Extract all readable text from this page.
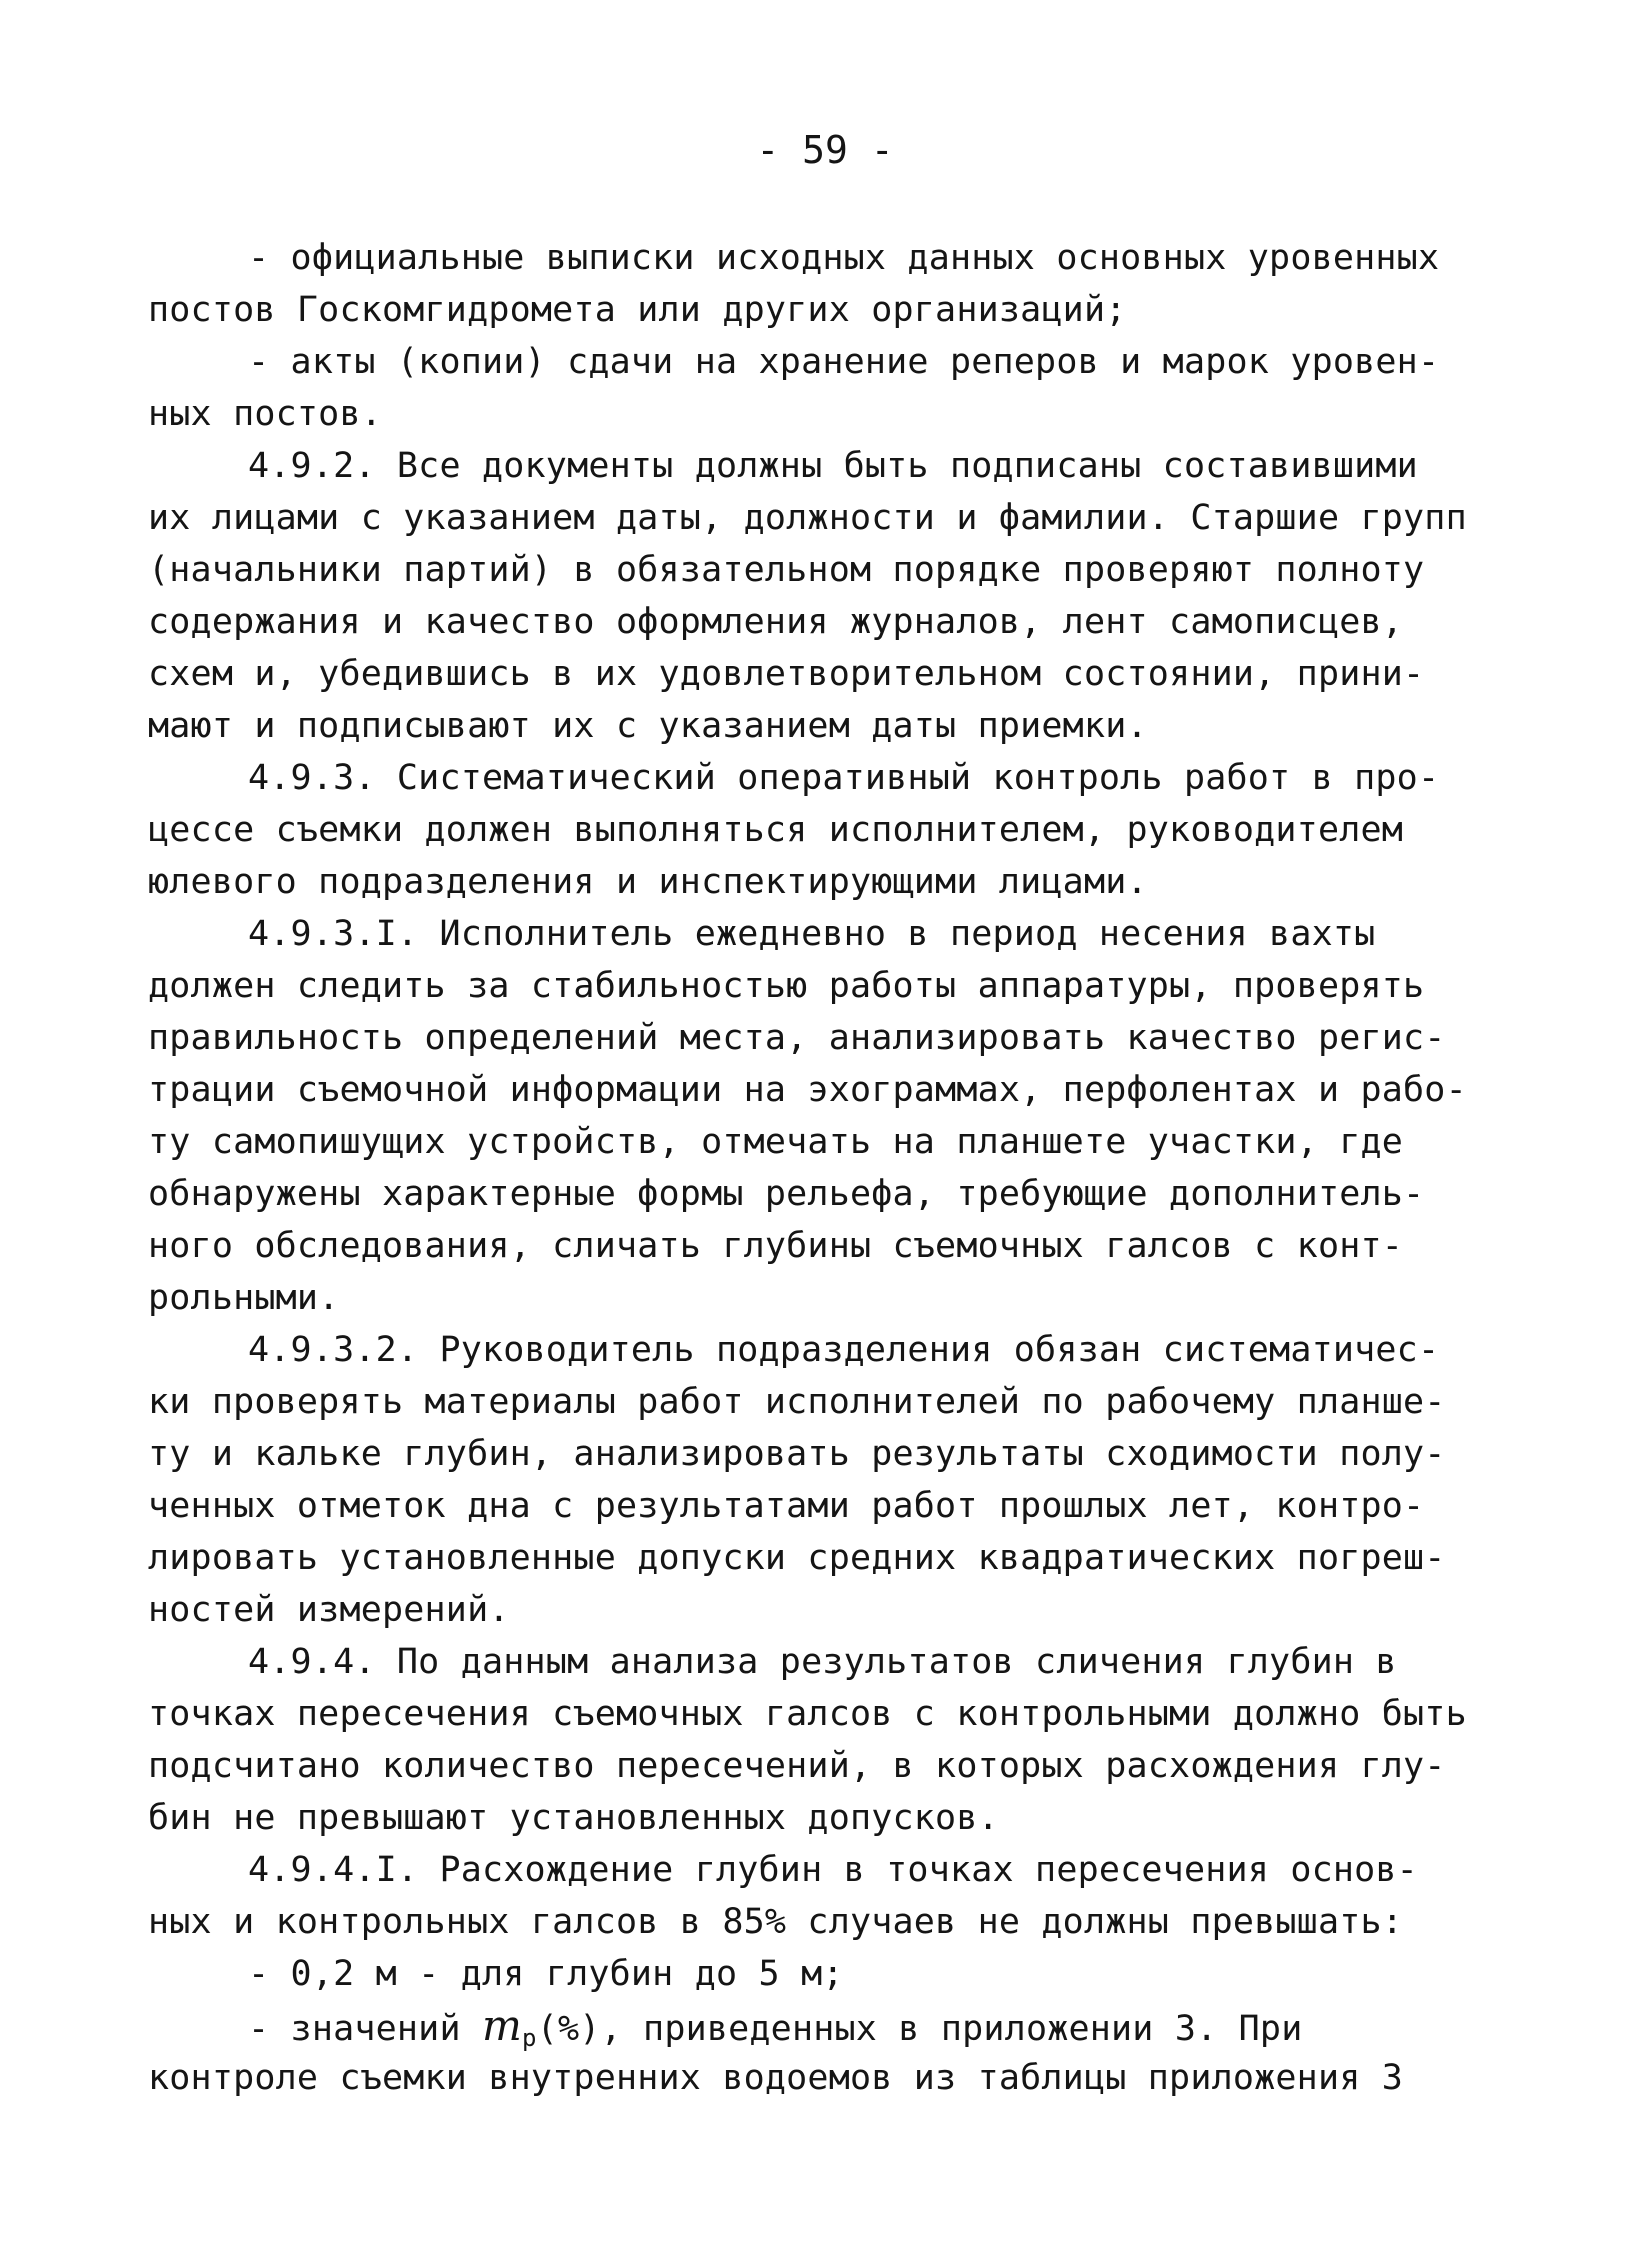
- 59 -
- официальные выписки исходных данных основных уровенных
постов Госкомгидромета или других организаций;
- акты (копии) сдачи на хранение реперов и марок уровен-
ных постов.
4.9.2. Все документы должны быть подписаны составившими
их лицами с указанием даты, должности и фамилии. Старшие групп
(начальники партий) в обязательном порядке проверяют полноту
содержания и качество оформления журналов, лент самописцев,
схем и, убедившись в их удовлетворительном состоянии, прини-
мают и подписывают их с указанием даты приемки.
4.9.3. Систематический оперативный контроль работ в про-
цессе съемки должен выполняться исполнителем, руководителем
юлевого подразделения и инспектирующими лицами.
4.9.3.I. Исполнитель ежедневно в период несения вахты
должен следить за стабильностью работы аппаратуры, проверять
правильность определений места, анализировать качество регис-
трации съемочной информации на эхограммах, перфолентах и рабо-
ту самопишущих устройств, отмечать на планшете участки, где
обнаружены характерные формы рельефа, требующие дополнитель-
ного обследования, сличать глубины съемочных галсов с конт-
рольными.
4.9.3.2. Руководитель подразделения обязан систематичес-
ки проверять материалы работ исполнителей по рабочему планше-
ту и кальке глубин, анализировать результаты сходимости полу-
ченных отметок дна с результатами работ прошлых лет, контро-
лировать установленные допуски средних квадратических погреш-
ностей измерений.
4.9.4. По данным анализа результатов сличения глубин в
точках пересечения съемочных галсов с контрольными должно быть
подсчитано количество пересечений, в которых расхождения глу-
бин не превышают установленных допусков.
4.9.4.I. Расхождение глубин в точках пересечения основ-
ных и контрольных галсов в 85% случаев не должны превышать:
- 0,2 м - для глубин до 5 м;
- значений $m_p(\%)$, приведенных в приложении 3. При
контроле съемки внутренних водоемов из таблицы приложения 3
